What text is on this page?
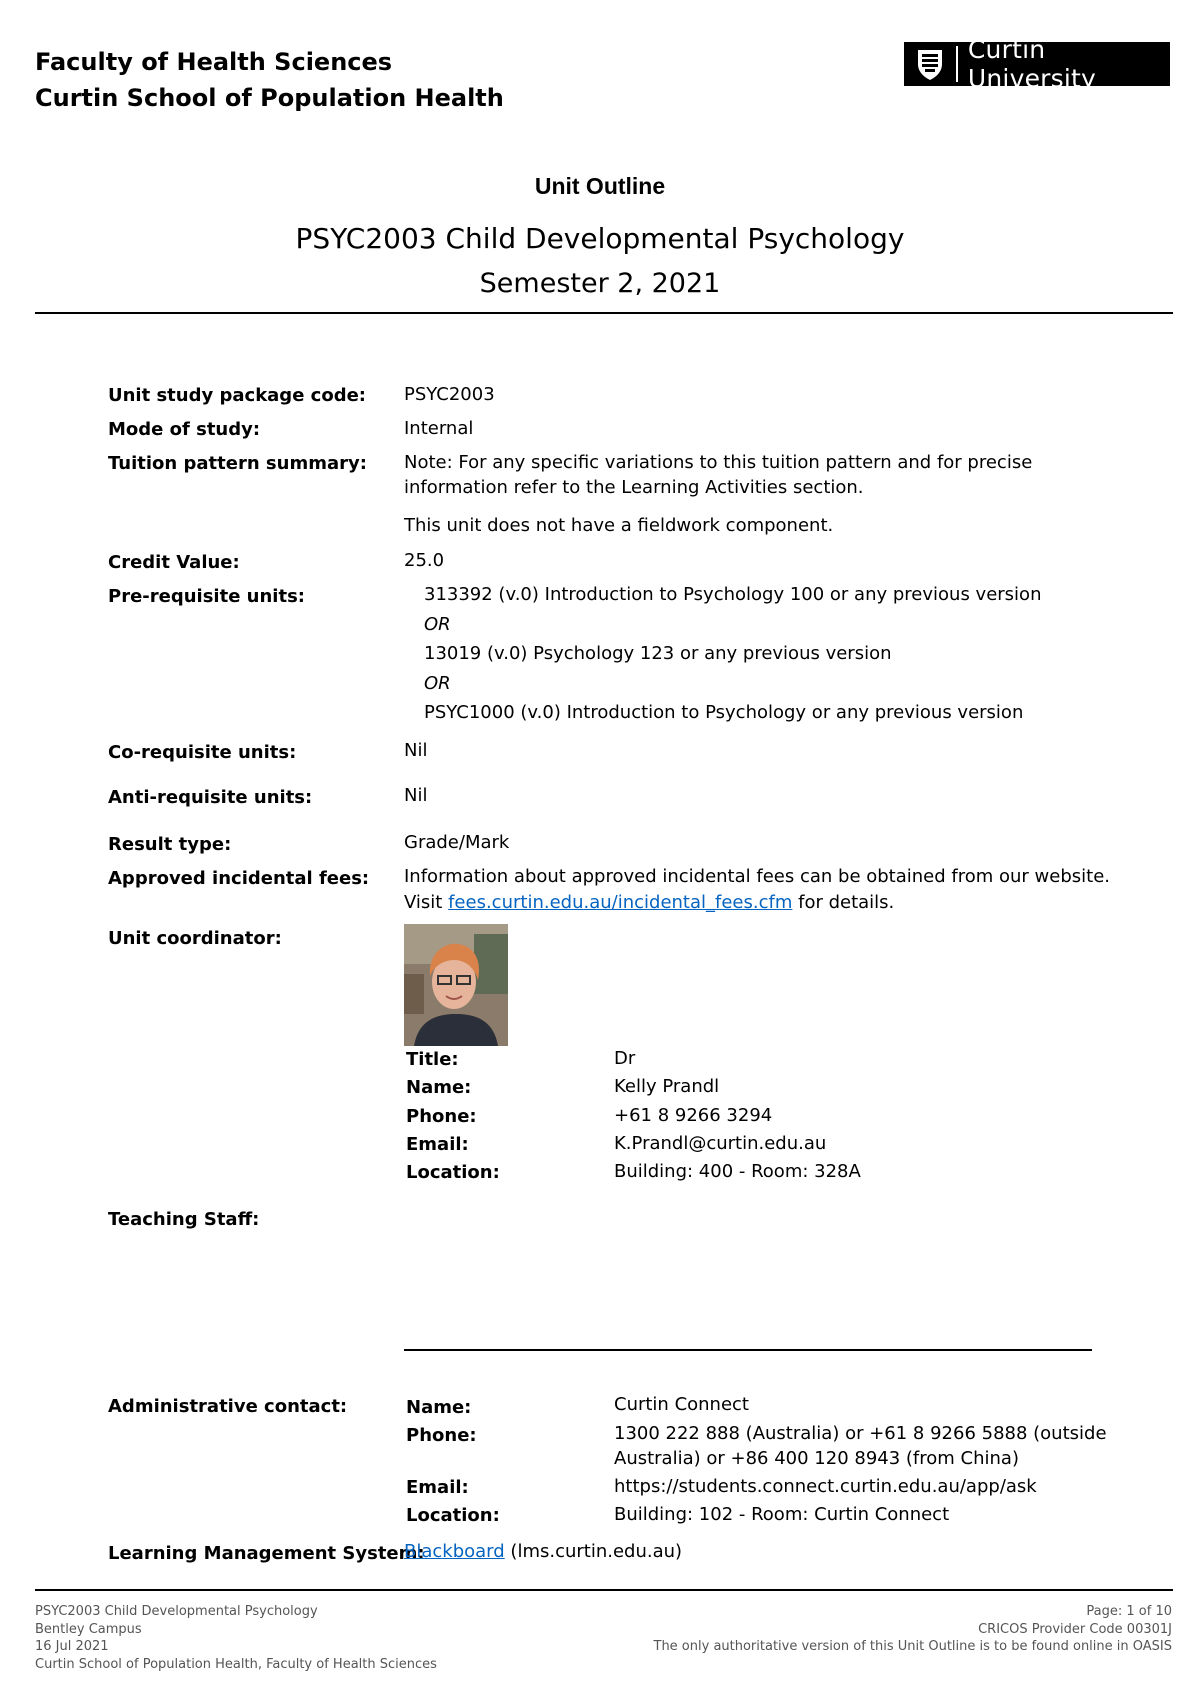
Faculty of Health Sciences
Curtin School of Population Health
Curtin University
Unit Outline
PSYC2003 Child Developmental Psychology
Semester 2, 2021
Unit study package code: PSYC2003
Mode of study:	Internal
Tuition pattern summary: Note: For any specific variations to this tuition pattern and for precise
information refer to the Learning Activities section.
This unit does not have a fieldwork component.
Credit Value:	25.0
Pre-requisite units:	313392 (v.0) Introduction to Psychology 100 or any previous version
OR
13019 (v.0) Psychology 123 or any previous version
OR
PSYC1000 (v.0) Introduction to Psychology or any previous version
Co-requisite units:	Nil
Anti-requisite units:	Nil
Result type:	Grade/Mark
Approved incidental fees: Information about approved incidental fees can be obtained from our website.
Visit fees.curtin.edu.au/incidental_fees.cfm for details.
Unit coordinator:
Title:	Dr
Name:	Kelly Prandl
Phone:	+61 8 9266 3294
Email:	K.Prandl@curtin.edu.au
Location:	Building: 400 - Room: 328A
Teaching Staff:
Administrative contact:	Name:	Curtin Connect
Phone:	1300 222 888 (Australia) or +61 8 9266 5888 (outside
Australia) or +86 400 120 8943 (from China)
Email:	https://students.connect.curtin.edu.au/app/ask
Location:	Building: 102 - Room: Curtin Connect
Learning Management System:
Blackboard (lms.curtin.edu.au)
PSYC2003 Child Developmental Psychology
Bentley Campus
16 Jul 2021
Curtin School of Population Health, Faculty of Health Sciences
Page: 1 of 10
CRICOS Provider Code 00301J
The only authoritative version of this Unit Outline is to be found online in OASIS
